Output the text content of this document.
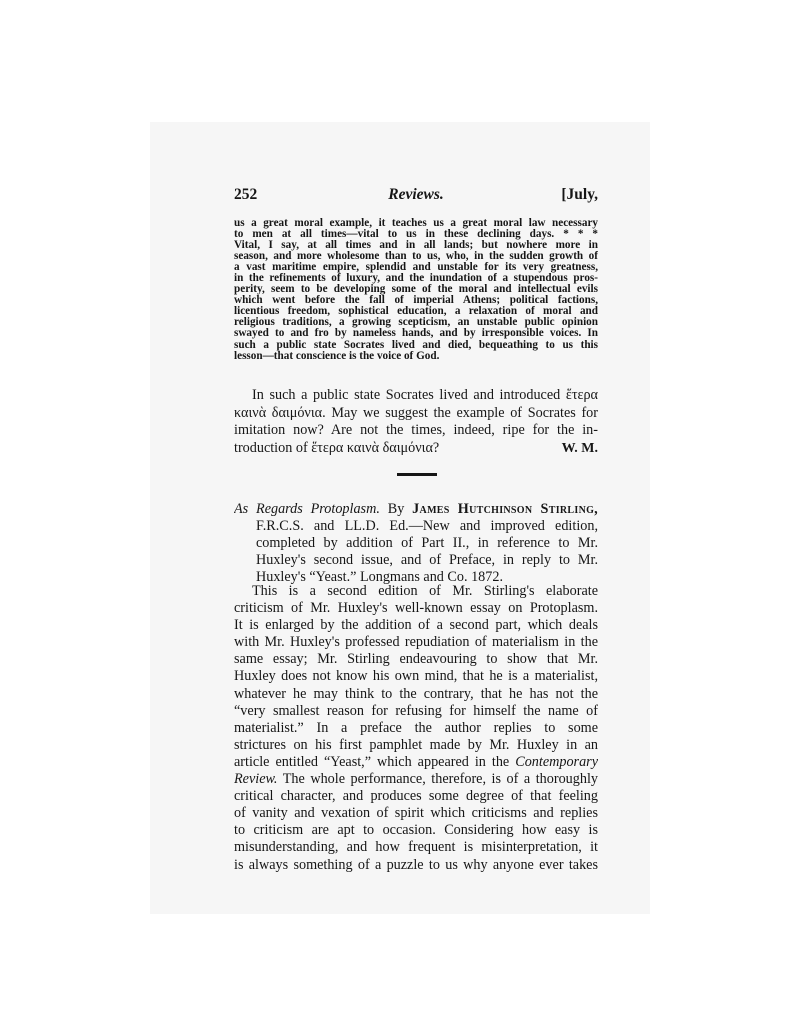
252	Reviews.	[July,
us a great moral example, it teaches us a great moral law necessary
to men at all times—vital to us in these declining days. * * *
Vital, I say, at all times and in all lands; but nowhere more in
season, and more wholesome than to us, who, in the sudden growth of
a vast maritime empire, splendid and unstable for its very greatness,
in the refinements of luxury, and the inundation of a stupendous pros-
perity, seem to be developing some of the moral and intellectual evils
which went before the fall of imperial Athens; political factions,
licentious freedom, sophistical education, a relaxation of moral and
religious traditions, a growing scepticism, an unstable public opinion
swayed to and fro by nameless hands, and by irresponsible voices. In
such a public state Socrates lived and died, bequeathing to us this
lesson—that conscience is the voice of God.
In such a public state Socrates lived and introduced ἕτερα
καινὰ δαιμόνια. May we suggest the example of Socrates for
imitation now? Are not the times, indeed, ripe for the in-
troduction of ἕτερα καινὰ δαιμόνια?	W. M.
As Regards Protoplasm. By James Hutchinson Stirling,
F.R.C.S. and LL.D. Ed.—New and improved edition,
completed by addition of Part II., in reference to Mr.
Huxley's second issue, and of Preface, in reply to Mr.
Huxley's “Yeast.” Longmans and Co. 1872.
This is a second edition of Mr. Stirling's elaborate
criticism of Mr. Huxley's well-known essay on Protoplasm.
It is enlarged by the addition of a second part, which deals
with Mr. Huxley's professed repudiation of materialism in the
same essay; Mr. Stirling endeavouring to show that Mr.
Huxley does not know his own mind, that he is a materialist,
whatever he may think to the contrary, that he has not the
“very smallest reason for refusing for himself the name of
materialist.” In a preface the author replies to some
strictures on his first pamphlet made by Mr. Huxley in an
article entitled “Yeast,” which appeared in the Contemporary
Review. The whole performance, therefore, is of a thoroughly
critical character, and produces some degree of that feeling
of vanity and vexation of spirit which criticisms and replies
to criticism are apt to occasion. Considering how easy is
misunderstanding, and how frequent is misinterpretation, it
is always something of a puzzle to us why anyone ever takes
